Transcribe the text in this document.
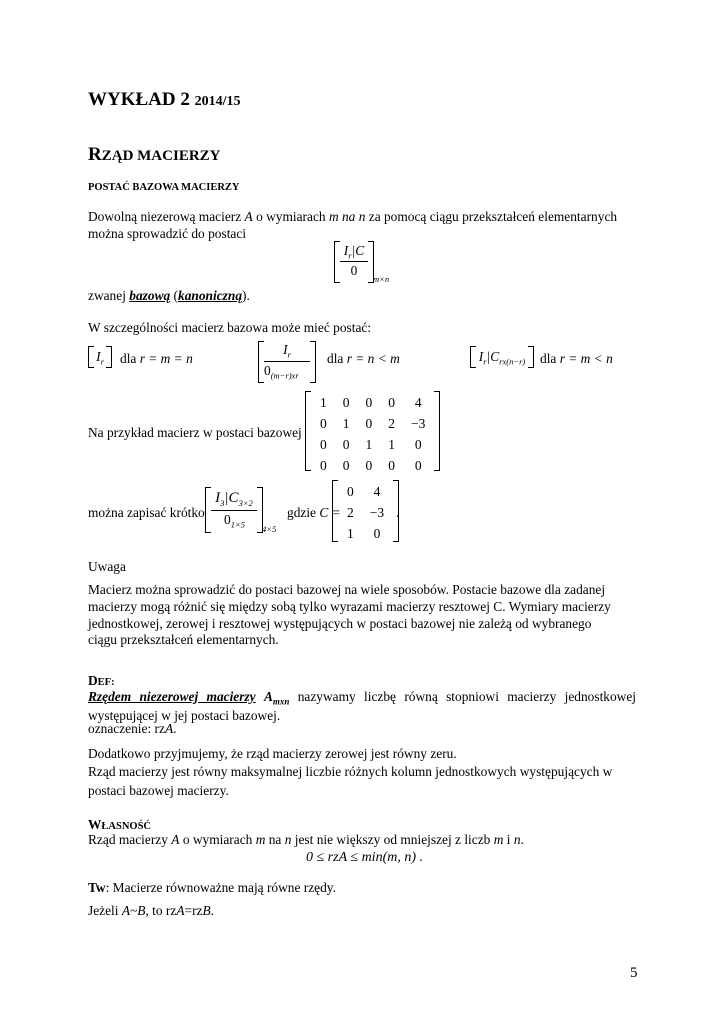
WYKŁAD 2 2014/15
RZĄD MACIERZY
POSTAĆ BAZOWA MACIERZY
Dowolną niezerową macierz A o wymiarach m na n za pomocą ciągu przekształceń elementarnych
można sprowadzić do postaci
$I_r|C$
0
m×n
zwanej bazową (kanoniczną).
W szczególności macierz bazowa może mieć postać:
$I_r$	dla r = m = n
$I_r$
$0_{(m-r)xr}$
dla r = n < m	$I_r|C_{rx(n-r)}$	dla r = m < n
Na przykład macierz w postaci bazowej
1	0	0	0	4
0	1	0	2	−3
0	0	1	1	0
0	0	0	0	0
można zapisać krótko
$I_3|C_{3\times 2}$
$0_{1\times 5}$ 4×5
gdzie C =
0	4
2	−3
1	0
.
Uwaga
Macierz można sprowadzić do postaci bazowej na wiele sposobów. Postacie bazowe dla zadanej macierzy mogą różnić się między sobą tylko wyrazami macierzy resztowej C. Wymiary macierzy jednostkowej, zerowej i resztowej występujących w postaci bazowej nie zależą od wybranego ciągu przekształceń elementarnych.
DEF:
Rzędem niezerowej macierzy $A_{mxn}$ nazywamy liczbę równą stopniowi macierzy jednostkowej występującej w jej postaci bazowej.
oznaczenie: rzA.
Dodatkowo przyjmujemy, że rząd macierzy zerowej jest równy zeru.
Rząd macierzy jest równy maksymalnej liczbie różnych kolumn jednostkowych występujących w
postaci bazowej macierzy.
WŁASNOŚĆ
Rząd macierzy A o wymiarach m na n jest nie większy od mniejszej z liczb m i n.
0 ≤ rzA ≤ min(m, n) .
Tw: Macierze równoważne mają równe rzędy.
Jeżeli A~B, to rzA=rzB.
5
